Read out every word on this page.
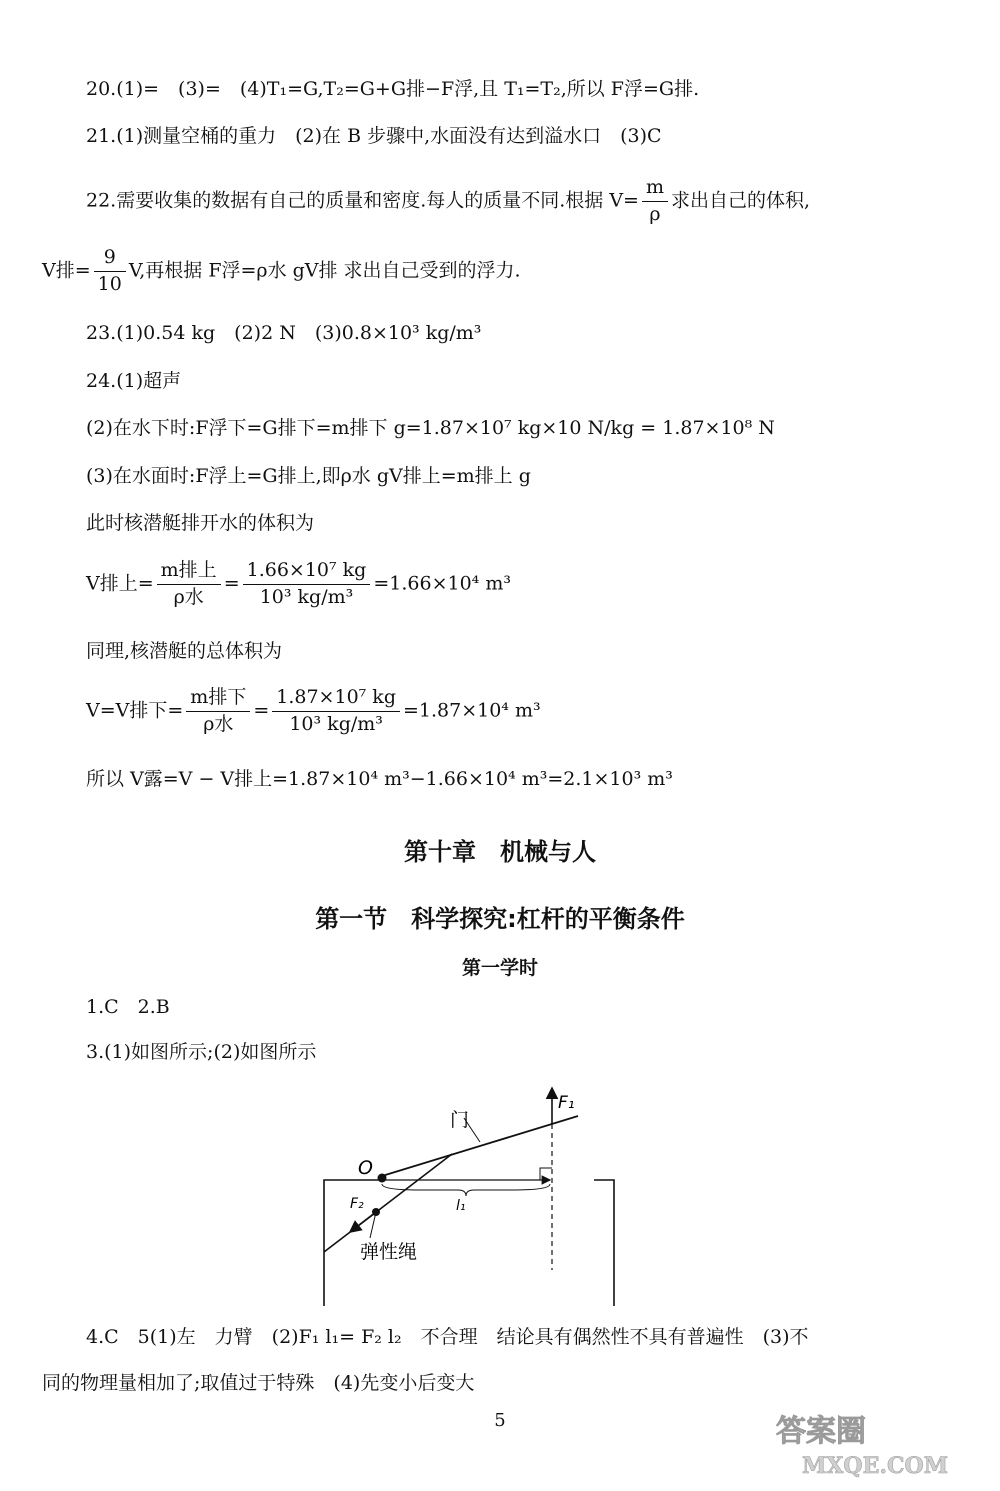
20.(1)=　(3)=　(4)T₁=G,T₂=G+G排−F浮,且 T₁=T₂,所以 F浮=G排.
21.(1)测量空桶的重力　(2)在 B 步骤中,水面没有达到溢水口　(3)C
22.需要收集的数据有自己的质量和密度.每人的质量不同.根据 $V= \frac{m}{\rho}$ 求出自己的体积,
V排= $\frac{9}{10} V$,再根据 F浮=ρ水 gV排 求出自己受到的浮力.
23.(1)0.54 kg　(2)2 N　(3)0.8×10³ kg/m³
24.(1)超声
(2)在水下时:F浮下=G排下=m排下 g=1.87×10⁷ kg×10 N/kg = 1.87×10⁸ N
(3)在水面时:F浮上=G排上,即ρ水 gV排上=m排上 g
此时核潜艇排开水的体积为
V排上= $\frac{\text{m排上}}{\text{ρ水}} = \frac{\text{1.66×10⁷ kg}}{\text{10³ kg/m³}} =1.66\times 10^4$ m³
同理,核潜艇的总体积为
V=V排下= $\frac{\text{m排下}}{\text{ρ水}} = \frac{\text{1.87×10⁷ kg}}{\text{10³ kg/m³}} =1.87\times 10^4$ m³
所以 V露=V − V排上=1.87×10⁴ m³−1.66×10⁴ m³=2.1×10³ m³
第十章　机械与人
第一节　科学探究:杠杆的平衡条件
第一学时
1.C　2.B
3.(1)如图所示;(2)如图所示
F₁
门
O
F₂	l₁
弹性绳
4.C　5(1)左　力臂　(2)F₁ l₁= F₂ l₂　不合理　结论具有偶然性不具有普遍性　(3)不
同的物理量相加了;取值过于特殊　(4)先变小后变大
5	答案圈
MXQE.COM
